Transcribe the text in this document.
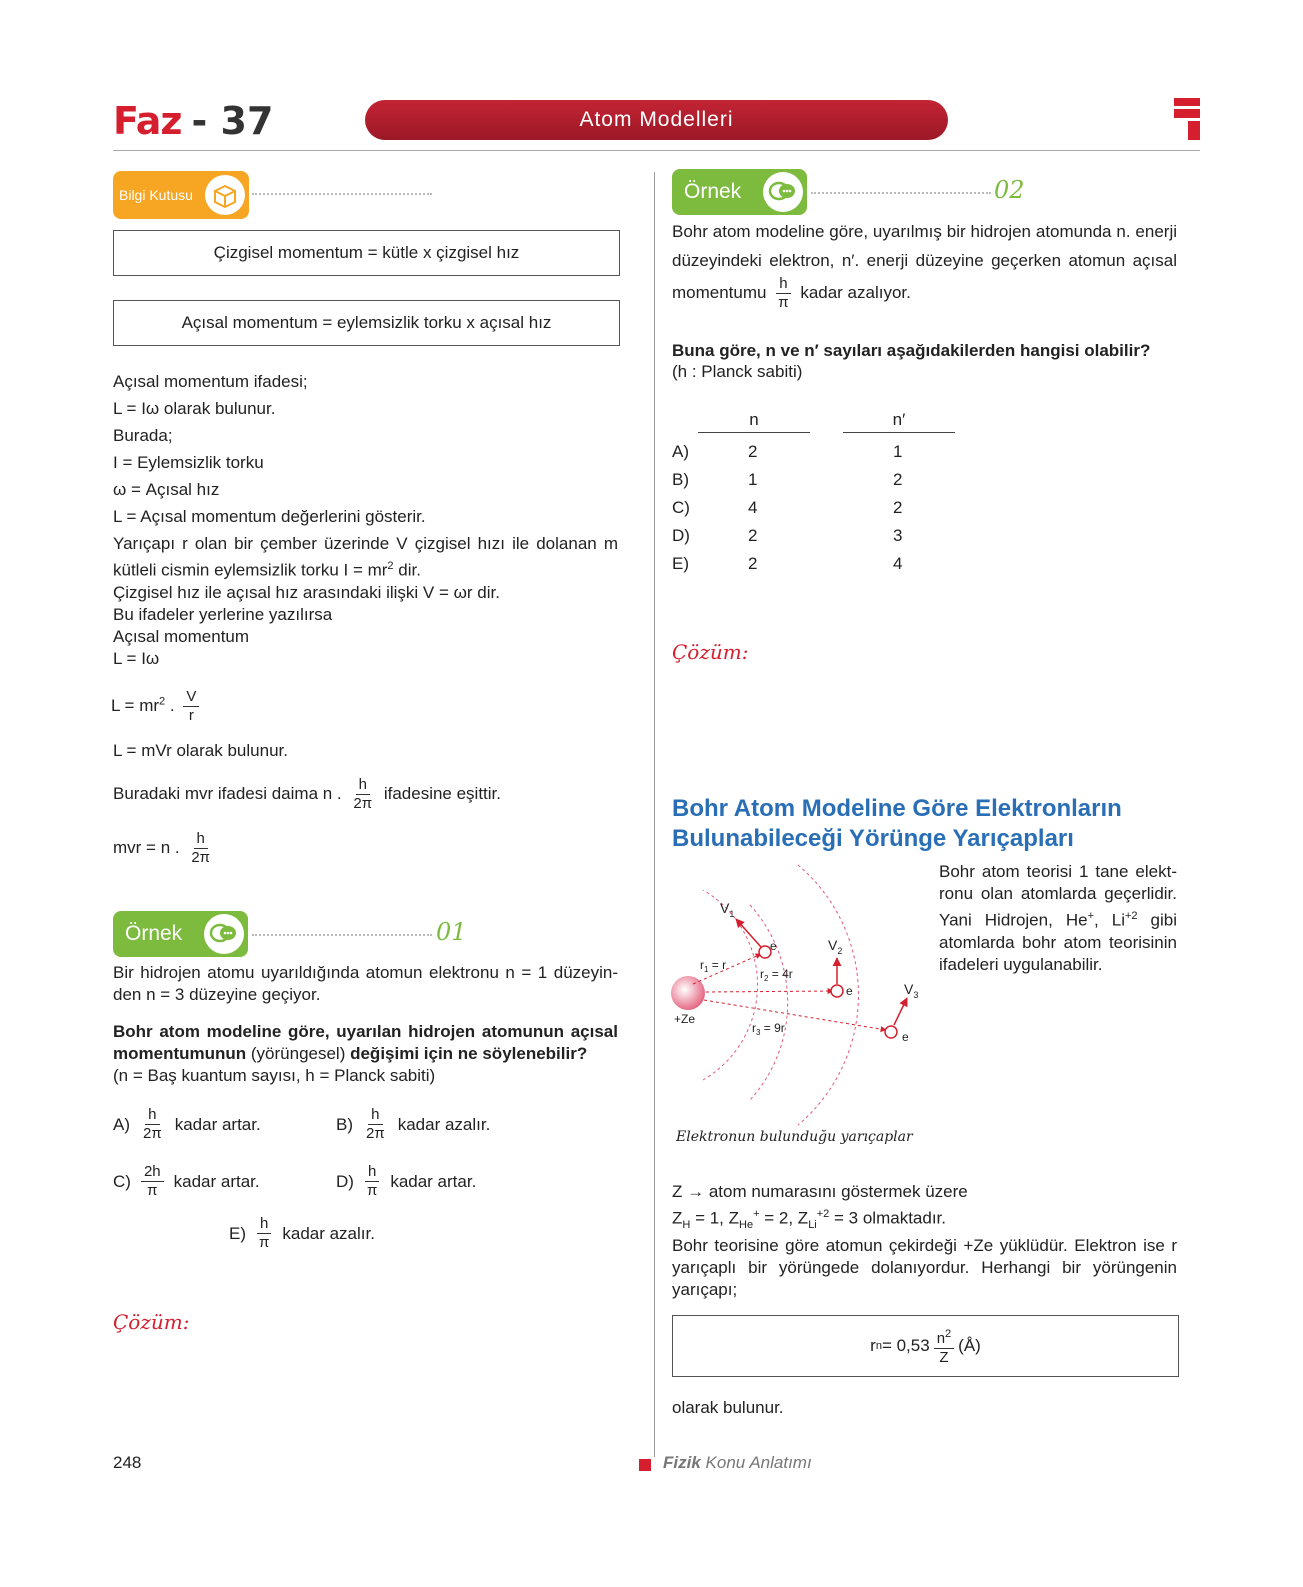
Faz - 37	Atom Modelleri
Bilgi Kutusu
Çizgisel momentum = kütle x çizgisel hız
Açısal momentum = eylemsizlik torku x açısal hız
Açısal momentum ifadesi;
L = Iω olarak bulunur.
Burada;
I = Eylemsizlik torku
ω = Açısal hız
L = Açısal momentum değerlerini gösterir.
Yarıçapı r olan bir çember üzerinde V çizgisel hızı ile dolanan m kütleli cismin eylemsizlik torku $I = mr^2$ dir.
Çizgisel hız ile açısal hız arasındaki ilişki V = ωr dir.
Bu ifadeler yerlerine yazılırsa
Açısal momentum
L = Iω
$L = mr^2$ . $\frac{V}{r}$
L = mVr olarak bulunur.
Buradaki mvr ifadesi daima n . $\frac{h}{2\pi}$ ifadesine eşittir.
mvr = n . $\frac{h}{2\pi}$
Örnek	01
Bir hidrojen atomu uyarıldığında atomun elektronu n = 1 düzeyin-den n = 3 düzeyine geçiyor.
Bohr atom modeline göre, uyarılan hidrojen atomunun açısal momentumunun (yörüngesel) değişimi için ne söylenebilir?
(n = Baş kuantum sayısı, h = Planck sabiti)
$A) \frac{h}{2\pi}$ kadar artar.	$B) \frac{h}{2\pi}$ kadar azalır.
$C) \frac{2h}{\pi}$ kadar artar.	$D) \frac{h}{\pi}$ kadar artar.
$E) \frac{h}{\pi}$ kadar azalır.
Çözüm:
Örnek	02
Bohr atom modeline göre, uyarılmış bir hidrojen atomunda n. enerji düzeyindeki elektron, n′. enerji düzeyine geçerken atomun açısal momentumu $\frac{h}{\pi}$ kadar azalıyor.
Buna göre, n ve n′ sayıları aşağıdakilerden hangisi olabilir?
(h : Planck sabiti)
n	n′
A)	2	1
B)	1	2
C)	4	2
D)	2	3
E)	2	4
Çözüm:
Bohr Atom Modeline Göre Elektronların
Bulunabileceği Yörünge Yarıçapları
Bohr atom teorisi 1 tane elekt-ronu olan atomlarda geçerlidir. Yani Hidrojen, He+, $Li^{+2}$ gibi atomlarda bohr atom teorisinin ifadeleri uygulanabilir.
$V_1$
$V_2$
$V_3$
$r_1 = r$
$r_2 = 4r$
$r_3 = 9r$
e
e
e
+Ze
Elektronun bulunduğu yarıçaplar
Z → atom numarasını göstermek üzere
$Z_H = 1$, $Z_{He}^+ = 2$, $Z_{Li}^{+2} = 3$ olmaktadır.
Bohr teorisine göre atomun çekirdeği +Ze yüklüdür. Elektron ise r yarıçaplı bir yörüngede dolanıyordur. Herhangi bir yörüngenin yarıçapı;
r $n = 0,53 \frac{n^2}{Z}$ (Å)
olarak bulunur.
248	Fizik Konu Anlatımı
